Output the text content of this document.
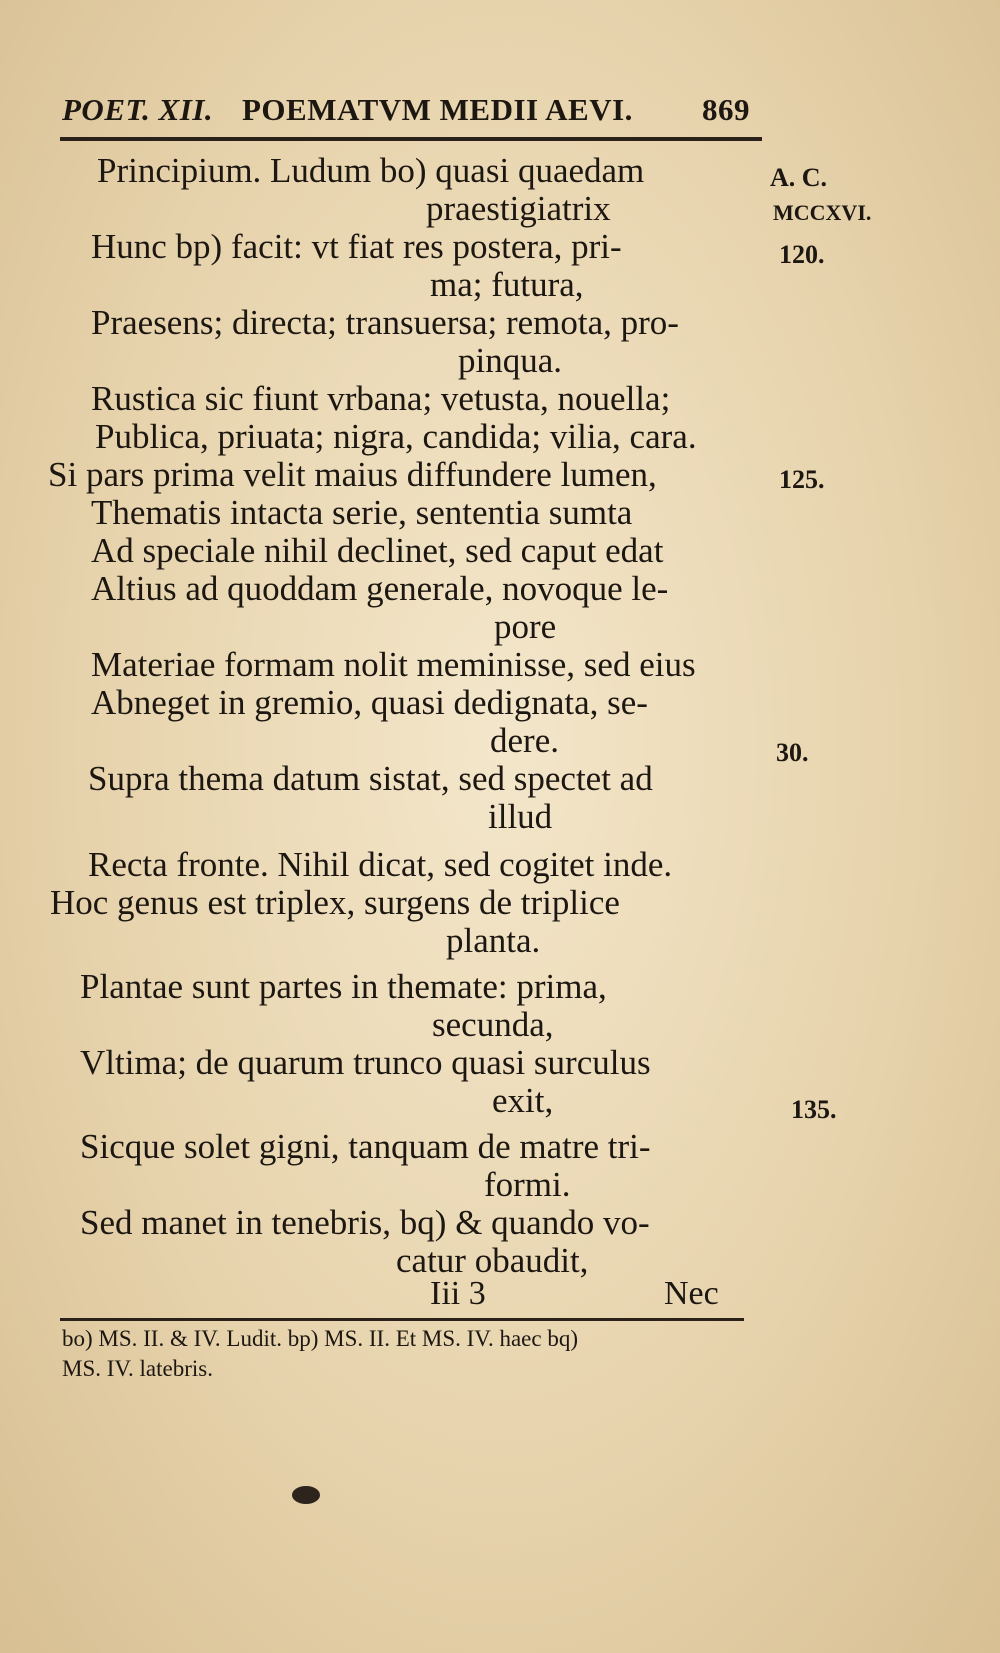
POET. XII. POEMATVM MEDII AEVI. 869
Principium. Ludum bo) quasi quaedam
praestigiatrix
Hunc bp) facit: vt fiat res postera, pri-
ma; futura,
Praesens; directa; transuersa; remota, pro-
pinqua.
Rustica sic fiunt vrbana; vetusta, nouella;
Publica, priuata; nigra, candida; vilia, cara.
Si pars prima velit maius diffundere lumen,
Thematis intacta serie, sententia sumta
Ad speciale nihil declinet, sed caput edat
Altius ad quoddam generale, novoque le-
pore
Materiae formam nolit meminisse, sed eius
Abneget in gremio, quasi dedignata, se-
dere.
Supra thema datum sistat, sed spectet ad
illud
Recta fronte. Nihil dicat, sed cogitet inde.
Hoc genus est triplex, surgens de triplice
planta.
Plantae sunt partes in themate: prima,
secunda,
Vltima; de quarum trunco quasi surculus
exit,
Sicque solet gigni, tanquam de matre tri-
formi.
Sed manet in tenebris, bq) & quando vo-
catur obaudit,
A. C.
MCCXVI.
120.
125.
30.
135.
Iii 3	Nec
bo) MS. II. & IV. Ludit. bp) MS. II. Et MS. IV. haec bq)
MS. IV. latebris.
